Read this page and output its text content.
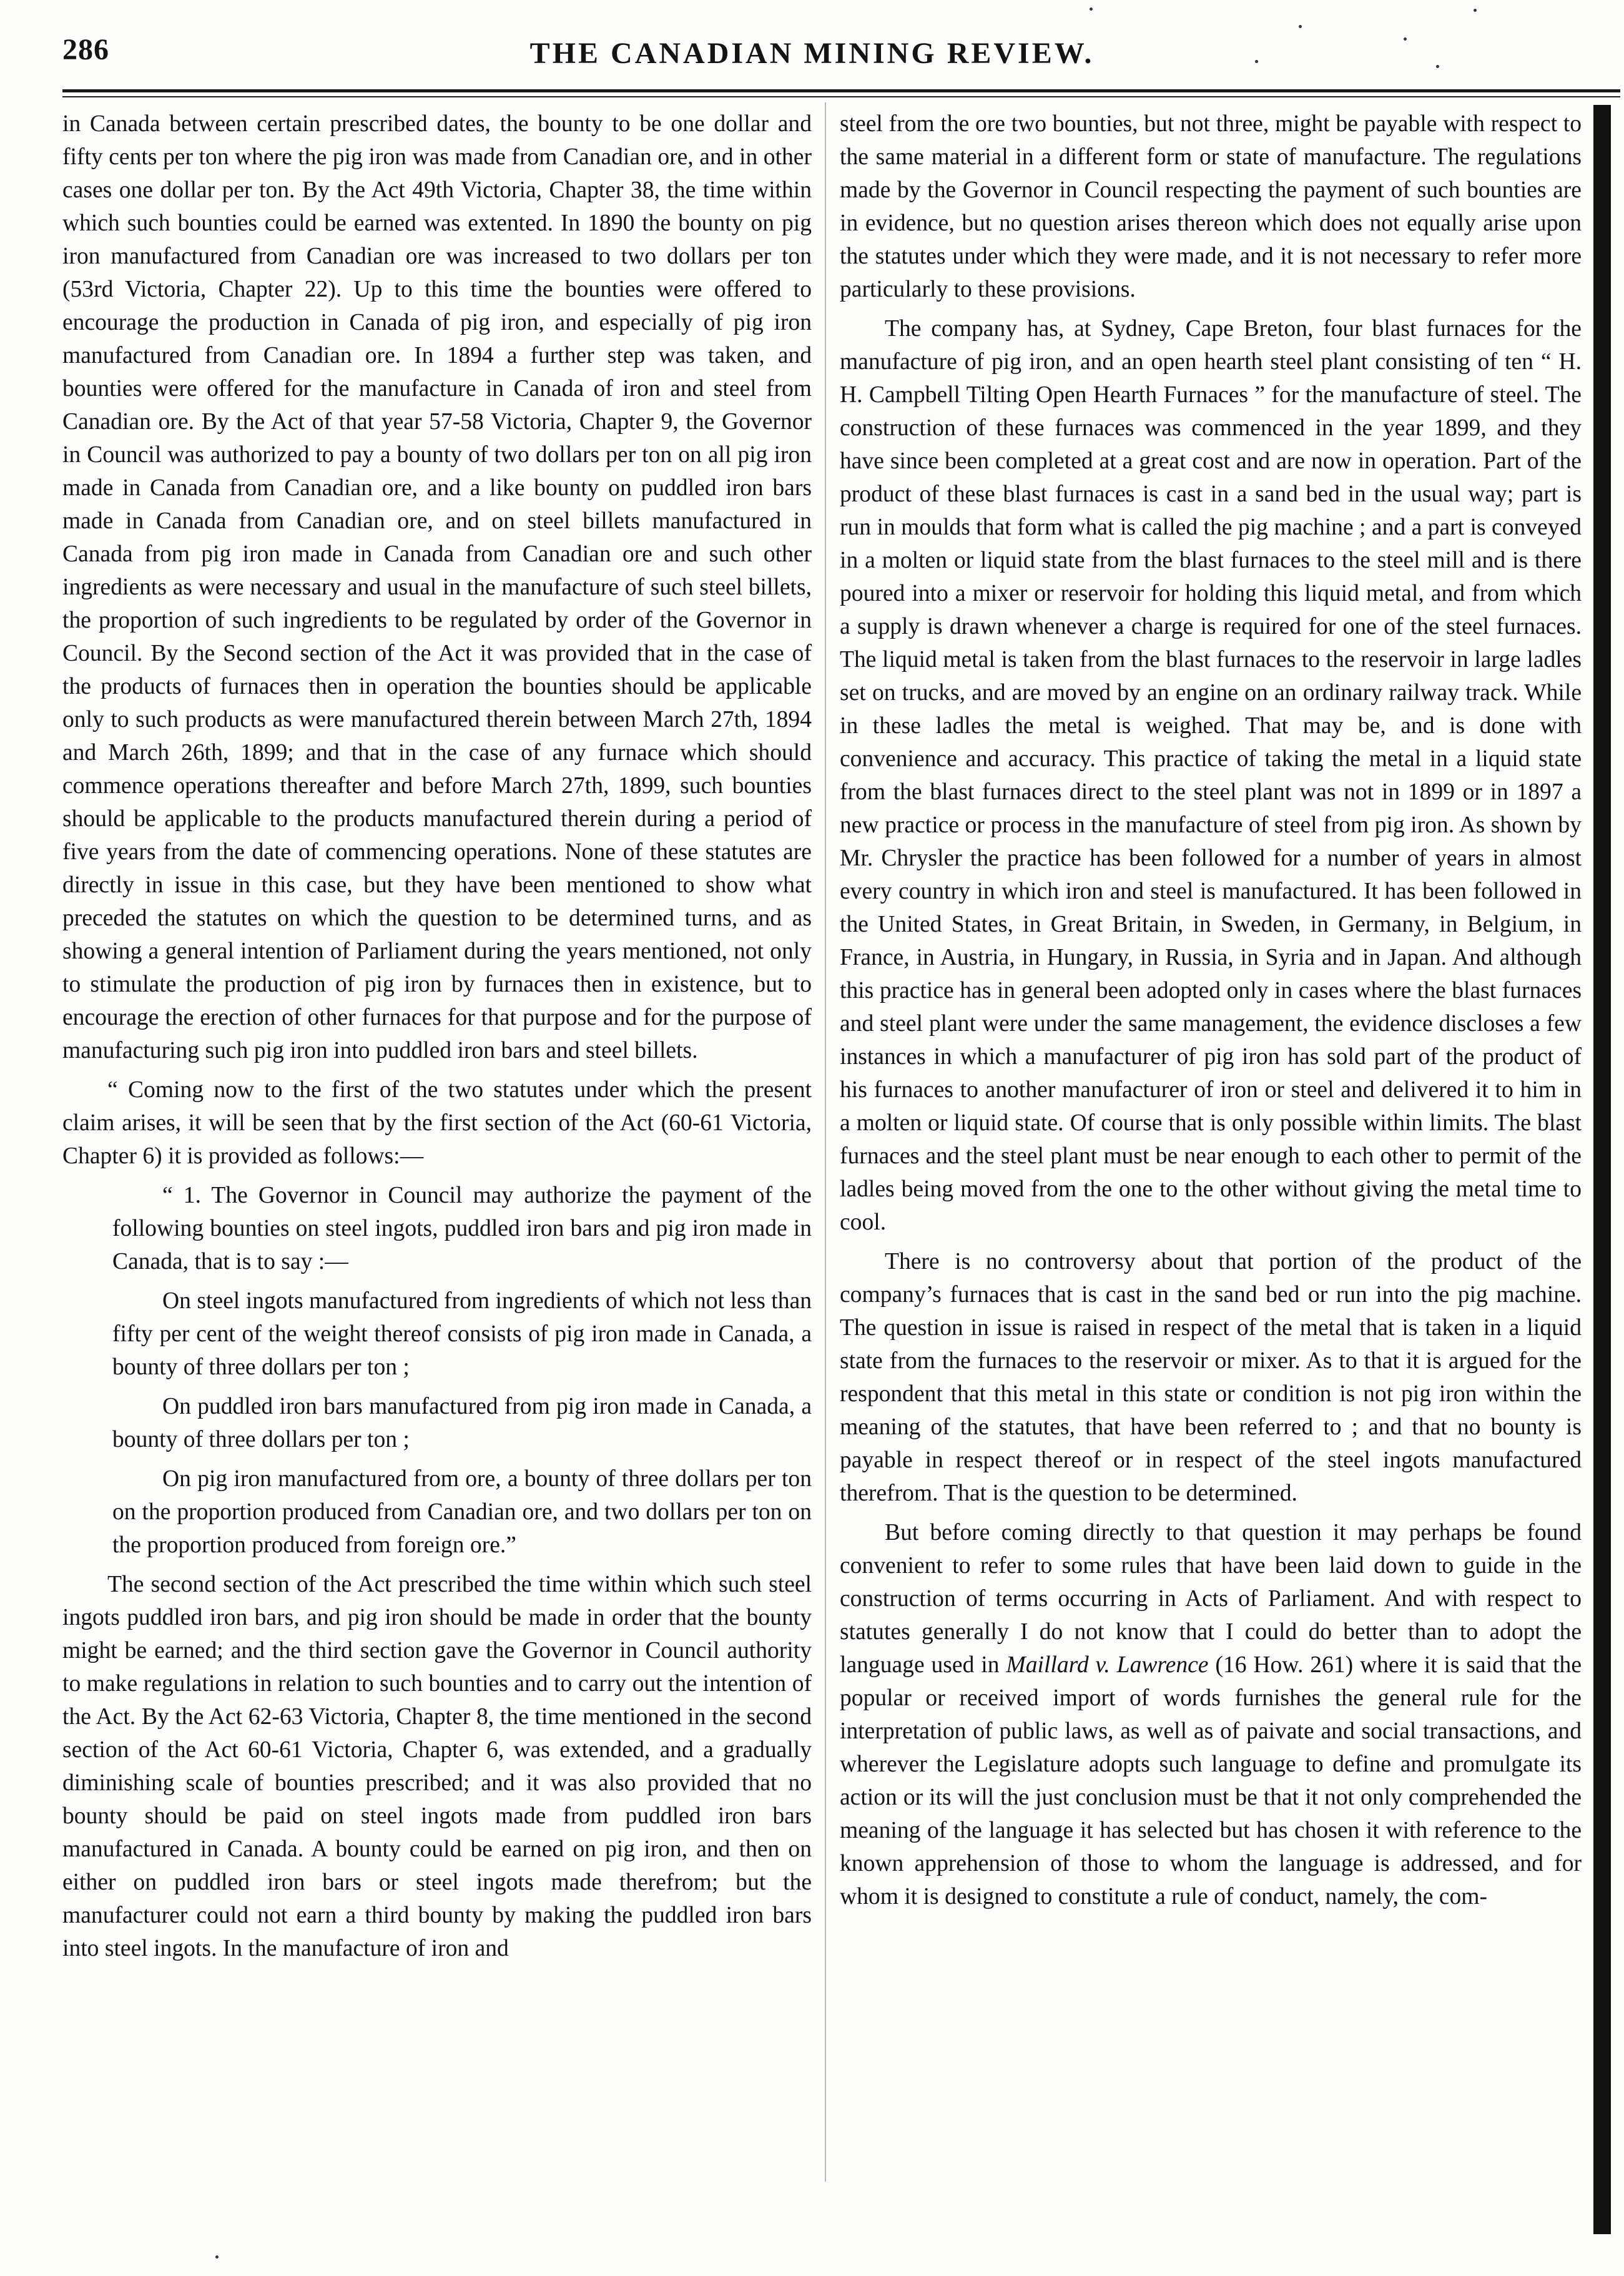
286	THE CANADIAN MINING REVIEW.

in Canada between certain prescribed dates, the bounty to be one dollar and fifty cents per ton where the pig iron was made from Canadian ore, and in other cases one dollar per ton. By the Act 49th Victoria, Chapter 38, the time within which such bounties could be earned was extented. In 1890 the bounty on pig iron manufactured from Canadian ore was increased to two dollars per ton (53rd Victoria, Chapter 22). Up to this time the bounties were offered to encourage the production in Canada of pig iron, and especially of pig iron manufactured from Canadian ore. In 1894 a further step was taken, and bounties were offered for the manufacture in Canada of iron and steel from Canadian ore. By the Act of that year 57-58 Victoria, Chapter 9, the Governor in Council was authorized to pay a bounty of two dollars per ton on all pig iron made in Canada from Canadian ore, and a like bounty on puddled iron bars made in Canada from Canadian ore, and on steel billets manufactured in Canada from pig iron made in Canada from Canadian ore and such other ingredients as were necessary and usual in the manufacture of such steel billets, the proportion of such ingredients to be regulated by order of the Governor in Council. By the Second section of the Act it was provided that in the case of the products of furnaces then in operation the bounties should be applicable only to such products as were manufactured therein between March 27th, 1894 and March 26th, 1899; and that in the case of any furnace which should commence operations thereafter and before March 27th, 1899, such bounties should be applicable to the products manufactured therein during a period of five years from the date of commencing operations. None of these statutes are directly in issue in this case, but they have been mentioned to show what preceded the statutes on which the question to be determined turns, and as showing a general intention of Parliament during the years mentioned, not only to stimulate the production of pig iron by furnaces then in existence, but to encourage the erection of other furnaces for that purpose and for the purpose of manufacturing such pig iron into puddled iron bars and steel billets.

“ Coming now to the first of the two statutes under which the present claim arises, it will be seen that by the first section of the Act (60-61 Victoria, Chapter 6) it is provided as follows:—

“ 1. The Governor in Council may authorize the payment of the following bounties on steel ingots, puddled iron bars and pig iron made in Canada, that is to say :—

On steel ingots manufactured from ingredients of which not less than fifty per cent of the weight thereof consists of pig iron made in Canada, a bounty of three dollars per ton ;

On puddled iron bars manufactured from pig iron made in Canada, a bounty of three dollars per ton ;

On pig iron manufactured from ore, a bounty of three dollars per ton on the proportion produced from Canadian ore, and two dollars per ton on the proportion produced from foreign ore.”

The second section of the Act prescribed the time within which such steel ingots puddled iron bars, and pig iron should be made in order that the bounty might be earned; and the third section gave the Governor in Council authority to make regulations in relation to such bounties and to carry out the intention of the Act. By the Act 62-63 Victoria, Chapter 8, the time mentioned in the second section of the Act 60-61 Victoria, Chapter 6, was extended, and a gradually diminishing scale of bounties prescribed; and it was also provided that no bounty should be paid on steel ingots made from puddled iron bars manufactured in Canada. A bounty could be earned on pig iron, and then on either on puddled iron bars or steel ingots made therefrom; but the manufacturer could not earn a third bounty by making the puddled iron bars into steel ingots. In the manufacture of iron and

steel from the ore two bounties, but not three, might be payable with respect to the same material in a different form or state of manufacture. The regulations made by the Governor in Council respecting the payment of such bounties are in evidence, but no question arises thereon which does not equally arise upon the statutes under which they were made, and it is not necessary to refer more particularly to these provisions.

The company has, at Sydney, Cape Breton, four blast furnaces for the manufacture of pig iron, and an open hearth steel plant consisting of ten “ H. H. Campbell Tilting Open Hearth Furnaces ” for the manufacture of steel. The construction of these furnaces was commenced in the year 1899, and they have since been completed at a great cost and are now in operation. Part of the product of these blast furnaces is cast in a sand bed in the usual way; part is run in moulds that form what is called the pig machine ; and a part is conveyed in a molten or liquid state from the blast furnaces to the steel mill and is there poured into a mixer or reservoir for holding this liquid metal, and from which a supply is drawn whenever a charge is required for one of the steel furnaces. The liquid metal is taken from the blast furnaces to the reservoir in large ladles set on trucks, and are moved by an engine on an ordinary railway track. While in these ladles the metal is weighed. That may be, and is done with convenience and accuracy. This practice of taking the metal in a liquid state from the blast furnaces direct to the steel plant was not in 1899 or in 1897 a new practice or process in the manufacture of steel from pig iron. As shown by Mr. Chrysler the practice has been followed for a number of years in almost every country in which iron and steel is manufactured. It has been followed in the United States, in Great Britain, in Sweden, in Germany, in Belgium, in France, in Austria, in Hungary, in Russia, in Syria and in Japan. And although this practice has in general been adopted only in cases where the blast furnaces and steel plant were under the same management, the evidence discloses a few instances in which a manufacturer of pig iron has sold part of the product of his furnaces to another manufacturer of iron or steel and delivered it to him in a molten or liquid state. Of course that is only possible within limits. The blast furnaces and the steel plant must be near enough to each other to permit of the ladles being moved from the one to the other without giving the metal time to cool.

There is no controversy about that portion of the product of the company’s furnaces that is cast in the sand bed or run into the pig machine. The question in issue is raised in respect of the metal that is taken in a liquid state from the furnaces to the reservoir or mixer. As to that it is argued for the respondent that this metal in this state or condition is not pig iron within the meaning of the statutes, that have been referred to ; and that no bounty is payable in respect thereof or in respect of the steel ingots manufactured therefrom. That is the question to be determined.

But before coming directly to that question it may perhaps be found convenient to refer to some rules that have been laid down to guide in the construction of terms occurring in Acts of Parliament. And with respect to statutes generally I do not know that I could do better than to adopt the language used in Maillard v. Lawrence (16 How. 261) where it is said that the popular or received import of words furnishes the general rule for the interpretation of public laws, as well as of paivate and social transactions, and wherever the Legislature adopts such language to define and promulgate its action or its will the just conclusion must be that it not only comprehended the meaning of the language it has selected but has chosen it with reference to the known apprehension of those to whom the language is addressed, and for whom it is designed to constitute a rule of conduct, namely, the com-
